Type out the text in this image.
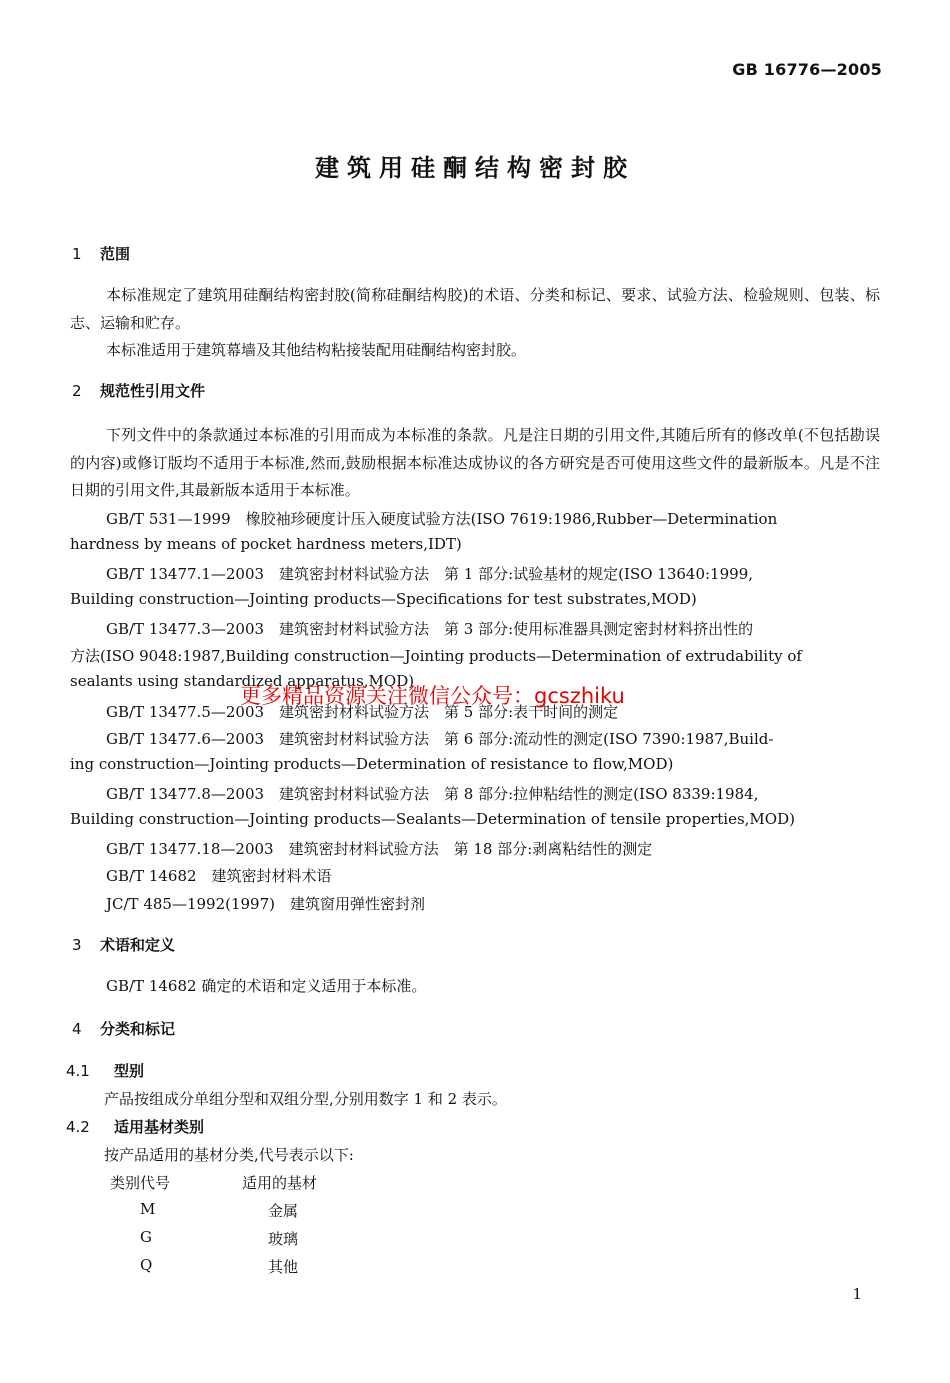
GB 16776—2005
建筑用硅酮结构密封胶
1 范围

本标准规定了建筑用硅酮结构密封胶(简称硅酮结构胶)的术语、分类和标记、要求、试验方法、检验规则、包装、标志、运输和贮存。

本标准适用于建筑幕墙及其他结构粘接装配用硅酮结构密封胶。

2 规范性引用文件

下列文件中的条款通过本标准的引用而成为本标准的条款。凡是注日期的引用文件,其随后所有的修改单(不包括勘误的内容)或修订版均不适用于本标准,然而,鼓励根据本标准达成协议的各方研究是否可使用这些文件的最新版本。凡是不注日期的引用文件,其最新版本适用于本标准。

GB/T 531—1999　橡胶袖珍硬度计压入硬度试验方法(ISO 7619:1986,Rubber—Determination
hardness by means of pocket hardness meters,IDT)
GB/T 13477.1—2003　建筑密封材料试验方法　第 1 部分:试验基材的规定(ISO 13640:1999,
Building construction—Jointing products—Specifications for test substrates,MOD)
GB/T 13477.3—2003　建筑密封材料试验方法　第 3 部分:使用标准器具测定密封材料挤出性的
方法(ISO 9048:1987,Building construction—Jointing products—Determination of extrudability of
sealants using standardized apparatus,MOD)
GB/T 13477.5—2003　建筑密封材料试验方法　第 5 部分:表干时间的测定
GB/T 13477.6—2003　建筑密封材料试验方法　第 6 部分:流动性的测定(ISO 7390:1987,Build-
ing construction—Jointing products—Determination of resistance to flow,MOD)
GB/T 13477.8—2003　建筑密封材料试验方法　第 8 部分:拉伸粘结性的测定(ISO 8339:1984,
Building construction—Jointing products—Sealants—Determination of tensile properties,MOD)
GB/T 13477.18—2003　建筑密封材料试验方法　第 18 部分:剥离粘结性的测定
GB/T 14682　建筑密封材料术语
JC/T 485—1992(1997)　建筑窗用弹性密封剂
3 术语和定义
GB/T 14682 确定的术语和定义适用于本标准。
4 分类和标记
4.1 型别
产品按组成分单组分型和双组分型,分别用数字 1 和 2 表示。
4.2 适用基材类别
按产品适用的基材分类,代号表示以下:
类别代号	适用的基材
M	金属
G	玻璃
Q	其他
更多精品资源关注微信公众号：gcszhiku
1
